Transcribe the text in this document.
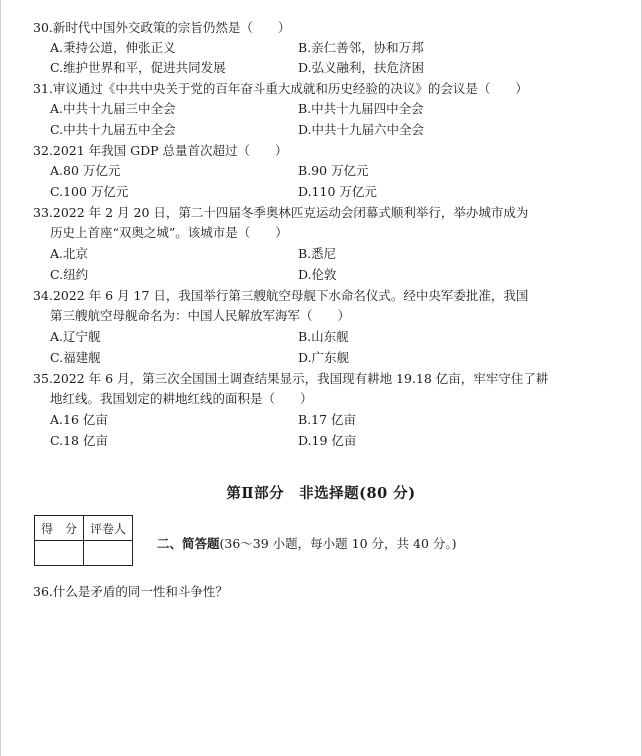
30.新时代中国外交政策的宗旨仍然是（　　）
A.秉持公道，伸张正义	B.亲仁善邻，协和万邦
C.维护世界和平，促进共同发展	D.弘义融利，扶危济困
31.审议通过《中共中央关于党的百年奋斗重大成就和历史经验的决议》的会议是（　　）
A.中共十九届三中全会	B.中共十九届四中全会
C.中共十九届五中全会	D.中共十九届六中全会
32.2021 年我国 GDP 总量首次超过（　　）
A.80 万亿元	B.90 万亿元
C.100 万亿元	D.110 万亿元
33.2022 年 2 月 20 日，第二十四届冬季奥林匹克运动会闭幕式顺利举行，举办城市成为
历史上首座“双奥之城”。该城市是（　　）
A.北京	B.悉尼
C.纽约	D.伦敦
34.2022 年 6 月 17 日，我国举行第三艘航空母舰下水命名仪式。经中央军委批准，我国
第三艘航空母舰命名为：中国人民解放军海军（　　）
A.辽宁舰	B.山东舰
C.福建舰	D.广东舰
35.2022 年 6 月，第三次全国国土调查结果显示，我国现有耕地 19.18 亿亩，牢牢守住了耕
地红线。我国划定的耕地红线的面积是（　　）
A.16 亿亩	B.17 亿亩
C.18 亿亩	D.19 亿亩
第Ⅱ部分　非选择题(80 分)
得　分	评卷人

二、简答题(36～39 小题，每小题 10 分，共 40 分。)
36.什么是矛盾的同一性和斗争性？
